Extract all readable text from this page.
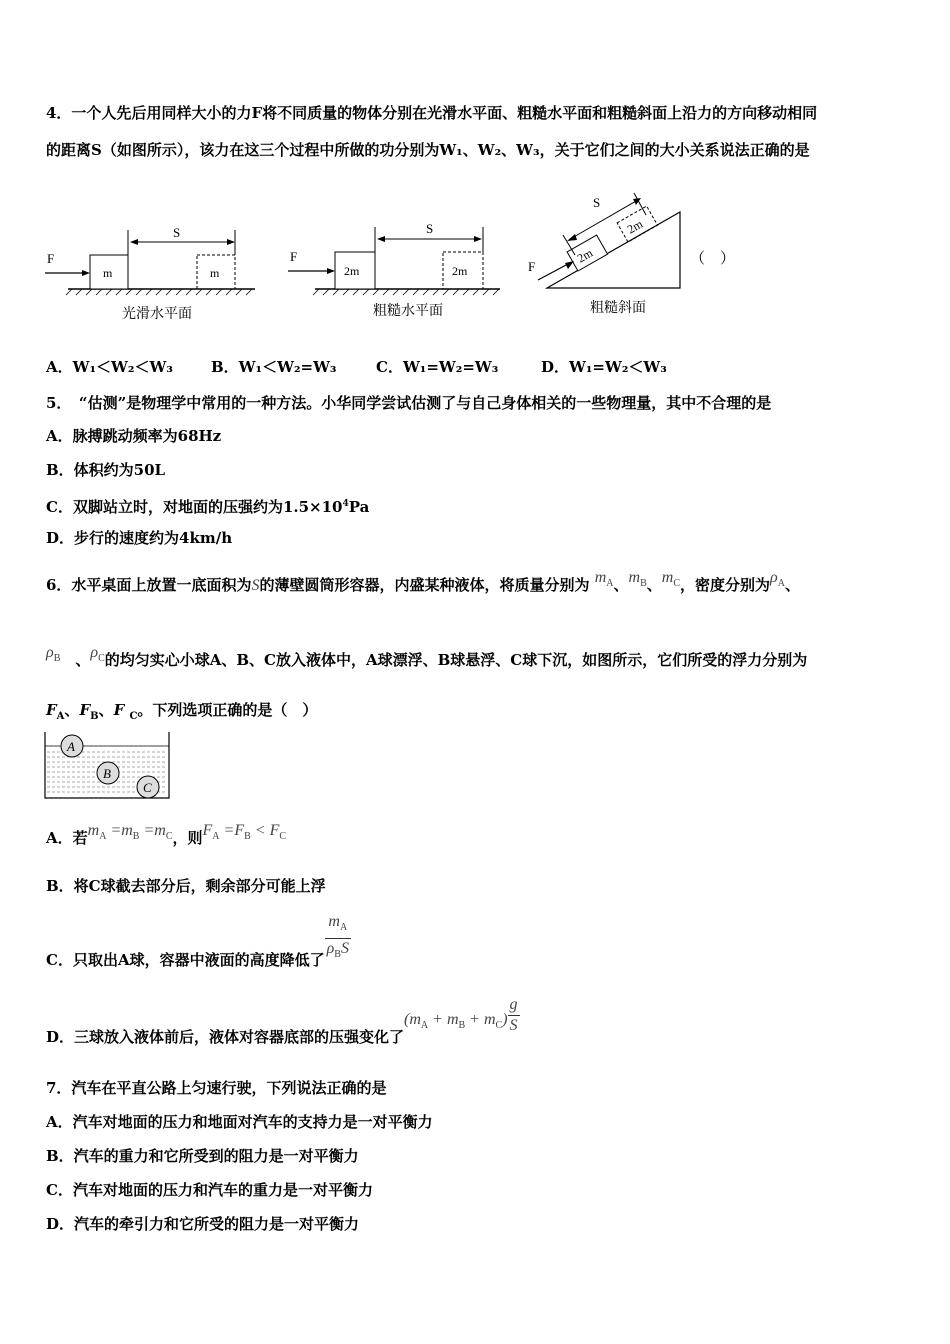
4．一个人先后用同样大小的力F将不同质量的物体分别在光滑水平面、粗糙水平面和粗糙斜面上沿力的方向移动相同
的距离S（如图所示），该力在这三个过程中所做的功分别为W₁、W₂、W₃，关于它们之间的大小关系说法正确的是
m	m
S
F
光滑水平面
2m	2m
S
F
粗糙水平面
2m
2m
S
F
粗糙斜面
（　）
A．W₁＜W₂＜W₃	B．W₁＜W₂=W₃	C．W₁=W₂=W₃	D．W₁=W₂＜W₃
5．　“估测”是物理学中常用的一种方法。小华同学尝试估测了与自己身体相关的一些物理量，其中不合理的是
A．脉搏跳动频率为68Hz
B．体积约为50L
C．双脚站立时，对地面的压强约为$1.5\times 10^4Pa$
D．步行的速度约为4km/h
6．水平桌面上放置一底面积为S的薄壁圆筒形容器，内盛某种液体，将质量分别为 $m_A$、$m_B$、$m_C$，密度分别为$\rho_A$、
$\rho_B$　、$\rho_C$的均匀实心小球A、B、C放入液体中，A球漂浮、B球悬浮、C球下沉，如图所示，它们所受的浮力分别为
$F_A$、$F_B$、F $_C$。下列选项正确的是（　）
A
B
C
A．若$m_A =m_B =m_C$，则$F_A =F_B < F_C$
B．将C球截去部分后，剩余部分可能上浮
C．只取出A球，容器中液面的高度降低了 $\frac{m_A}{\rho_BS}$
D．三球放入液体前后，液体对容器底部的压强变化了$(m_A + m_B + m_C) \frac{g}{S}$
7．汽车在平直公路上匀速行驶，下列说法正确的是
A．汽车对地面的压力和地面对汽车的支持力是一对平衡力
B．汽车的重力和它所受到的阻力是一对平衡力
C．汽车对地面的压力和汽车的重力是一对平衡力
D．汽车的牵引力和它所受的阻力是一对平衡力
